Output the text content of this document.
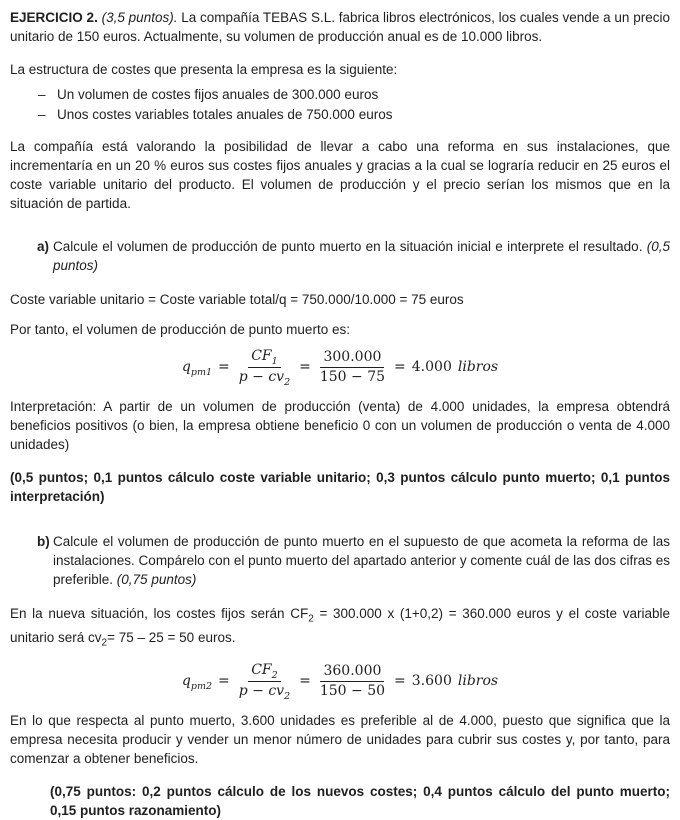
EJERCICIO 2. (3,5 puntos). La compañía TEBAS S.L. fabrica libros electrónicos, los cuales vende a un precio unitario de 150 euros. Actualmente, su volumen de producción anual es de 10.000 libros.

La estructura de costes que presenta la empresa es la siguiente:

– Un volumen de costes fijos anuales de 300.000 euros
– Unos costes variables totales anuales de 750.000 euros

La compañía está valorando la posibilidad de llevar a cabo una reforma en sus instalaciones, que incrementaría en un 20 % euros sus costes fijos anuales y gracias a la cual se lograría reducir en 25 euros el coste variable unitario del producto. El volumen de producción y el precio serían los mismos que en la situación de partida.

a) Calcule el volumen de producción de punto muerto en la situación inicial e interprete el resultado. (0,5 puntos)

Coste variable unitario = Coste variable total/q = 750.000/10.000 = 75 euros

Por tanto, el volumen de producción de punto muerto es:

$q_{pm1} = \frac{CF_1}{p - cv_2} = \frac{300.000}{150 - 75} = 4.000$ libros

Interpretación: A partir de un volumen de producción (venta) de 4.000 unidades, la empresa obtendrá beneficios positivos (o bien, la empresa obtiene beneficio 0 con un volumen de producción o venta de 4.000 unidades)

(0,5 puntos; 0,1 puntos cálculo coste variable unitario; 0,3 puntos cálculo punto muerto; 0,1 puntos interpretación)

b) Calcule el volumen de producción de punto muerto en el supuesto de que acometa la reforma de las instalaciones. Compárelo con el punto muerto del apartado anterior y comente cuál de las dos cifras es preferible. (0,75 puntos)

En la nueva situación, los costes fijos serán $CF_2 = 300.000$ x (1+0,2) = 360.000 euros y el coste variable unitario será $cv_2= 75 - 25 = 50$ euros.

$q_{pm2} = \frac{CF_2}{p - cv_2} = \frac{360.000}{150 - 50} = 3.600$ libros

En lo que respecta al punto muerto, 3.600 unidades es preferible al de 4.000, puesto que significa que la empresa necesita producir y vender un menor número de unidades para cubrir sus costes y, por tanto, para comenzar a obtener beneficios.

(0,75 puntos: 0,2 puntos cálculo de los nuevos costes; 0,4 puntos cálculo del punto muerto; 0,15 puntos razonamiento)
